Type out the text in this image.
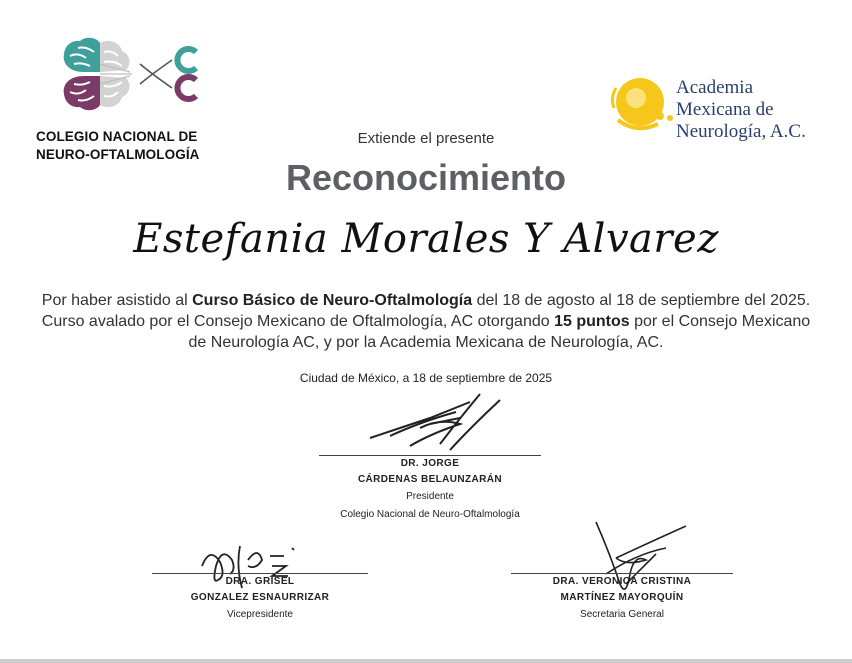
COLEGIO NACIONAL DE
NEURO-OFTALMOLOGÍA
Academia
Mexicana de
Neurología, A.C.
Extiende el presente
Reconocimiento
Estefania Morales Y Alvarez
Por haber asistido al Curso Básico de Neuro-Oftalmología del 18 de agosto al 18 de septiembre del 2025. Curso avalado por el Consejo Mexicano de Oftalmología, AC otorgando 15 puntos por el Consejo Mexicano de Neurología AC, y por la Academia Mexicana de Neurología, AC.
Ciudad de México, a 18 de septiembre de 2025
DR. JORGE
CÁRDENAS BELAUNZARÁN
Presidente
Colegio Nacional de Neuro-Oftalmología
DRA. GRISEL
GONZALEZ ESNAURRIZAR
Vicepresidente
DRA. VERONICA CRISTINA
MARTÍNEZ MAYORQUÍN
Secretaria General
